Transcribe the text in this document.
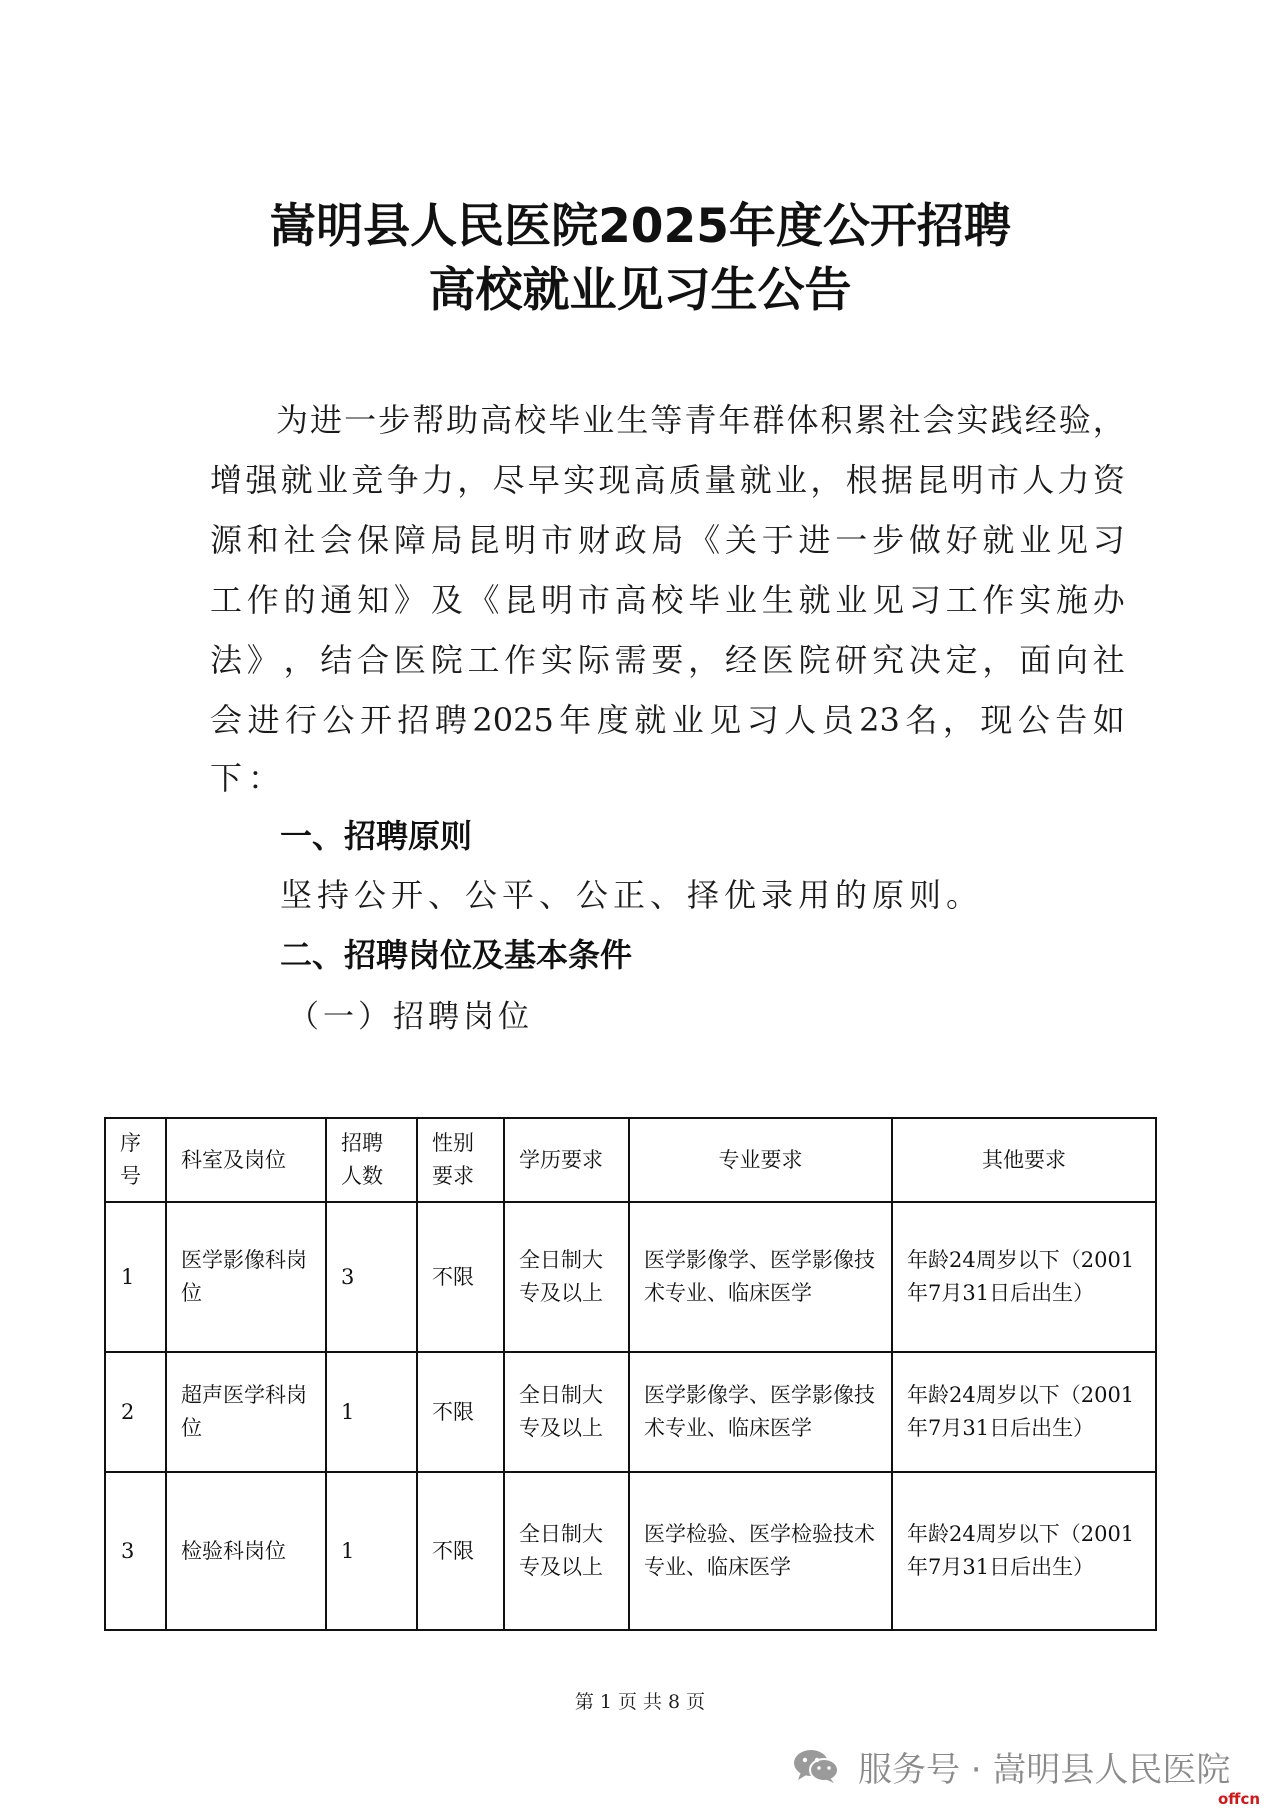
嵩明县人民医院2025年度公开招聘
高校就业见习生公告
为 进 一 步 帮 助 高 校 毕 业 生 等 青 年 群 体 积 累 社 会 实 践 经 验 ，
增 强 就 业 竞 争 力 ， 尽 早 实 现 高 质 量 就 业 ， 根 据 昆 明 市 人 力 资
源 和 社 会 保 障 局 昆 明 市 财 政 局 《 关 于 进 一 步 做 好 就 业 见 习
工 作 的 通 知 》 及 《 昆 明 市 高 校 毕 业 生 就 业 见 习 工 作 实 施 办
法 》 ， 结 合 医 院 工 作 实 际 需 要 ， 经 医 院 研 究 决 定 ， 面 向 社
会 进 行 公 开 招 聘 2025 年 度 就 业 见 习 人 员 23 名 ， 现 公 告 如
下：
一、招聘原则
坚持公开、公平、公正、择优录用的原则。
二、招聘岗位及基本条件
（一）招聘岗位
序号	科室及岗位	招聘人数	性别要求	学历要求	专业要求	其他要求
1	医学影像科岗位	3	不限	全日制大专及以上	医学影像学、医学影像技术专业、临床医学	年龄24周岁以下（2001年7月31日后出生）
2	超声医学科岗位	1	不限	全日制大专及以上	医学影像学、医学影像技术专业、临床医学	年龄24周岁以下（2001年7月31日后出生）
3	检验科岗位	1	不限	全日制大专及以上	医学检验、医学检验技术专业、临床医学	年龄24周岁以下（2001年7月31日后出生）
第 1 页 共 8 页
服务号 · 嵩明县人民医院
offcn
